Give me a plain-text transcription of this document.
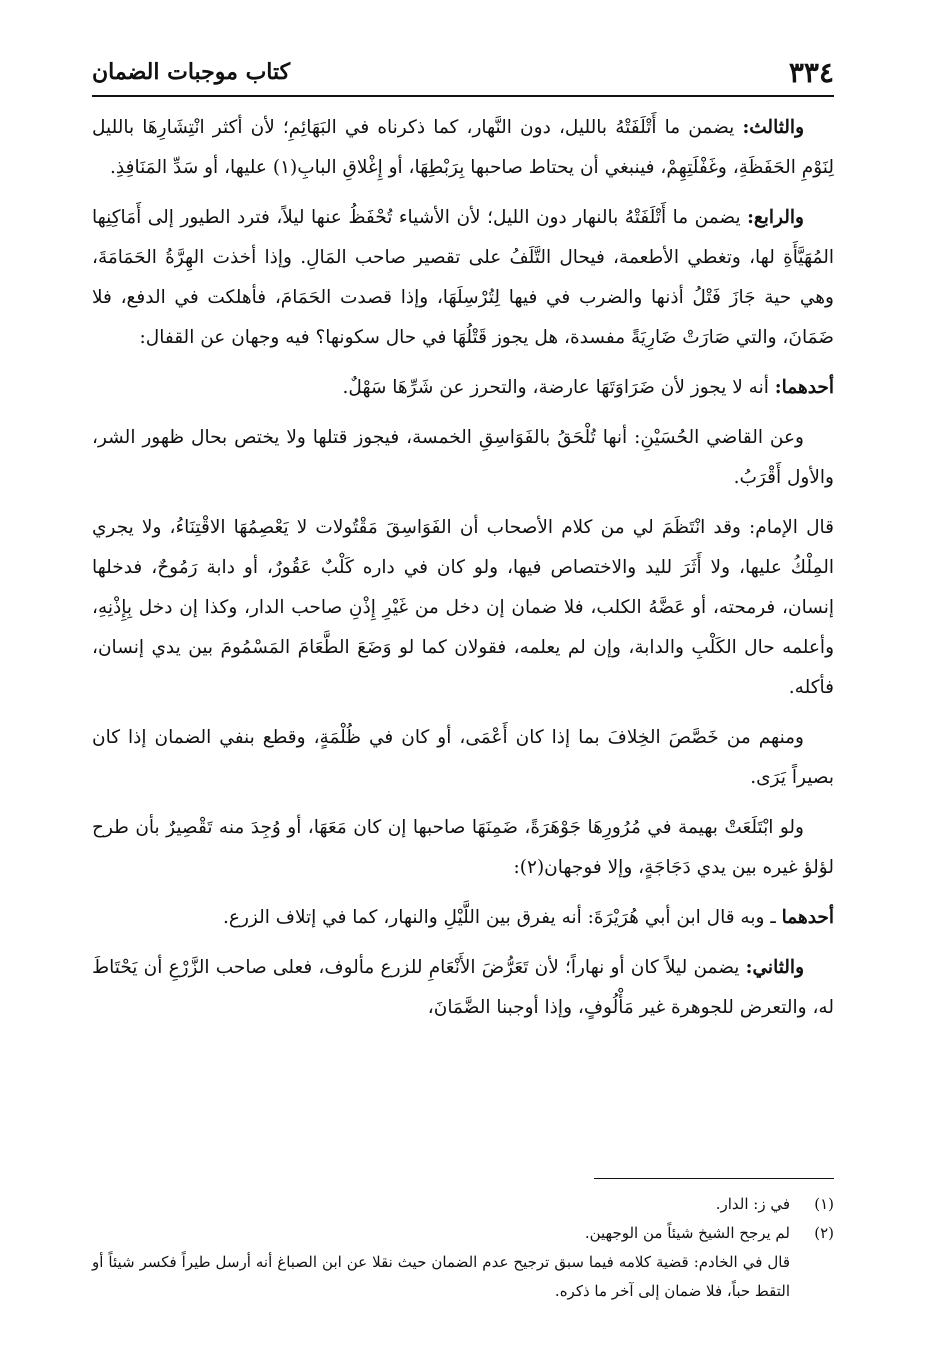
٣٣٤
كتاب موجبات الضمان

والثالث: يضمن ما أَتْلَفَتْهُ بالليل، دون النَّهار، كما ذكرناه في البَهَائِمِ؛ لأن أكثر انْتِشَارِهَا بالليل لِنَوْمِ الحَفَظَةِ، وغَفْلَتِهِمْ، فينبغي أن يحتاط صاحبها بِرَبْطِهَا، أو إِغْلاقِ البابِ(١) عليها، أو سَدِّ المَنَافِذِ.

والرابع: يضمن ما أَتْلَفَتْهُ بالنهار دون الليل؛ لأن الأشياء تُحْفَظُ عنها ليلاً، فترد الطيور إلى أَمَاكِنِها المُهَيَّأَةِ لها، وتغطي الأطعمة، فيحال التَّلَفُ على تقصير صاحب المَالِ. وإذا أخذت الهِرَّةُ الحَمَامَةَ، وهي حية جَازَ فَتْلُ أذنها والضرب في فيها لِتُرْسِلَهَا، وإذا قصدت الحَمَامَ، فأهلكت في الدفع، فلا ضَمَانَ، والتي صَارَتْ ضَارِيَةً مفسدة، هل يجوز قَتْلُهَا في حال سكونها؟ فيه وجهان عن القفال:

أحدهما: أنه لا يجوز لأن ضَرَاوَتَهَا عارضة، والتحرز عن شَرِّهَا سَهْلٌ.

وعن القاضي الحُسَيْنِ: أنها تُلْحَقُ بالفَوَاسِقِ الخمسة، فيجوز قتلها ولا يختص بحال ظهور الشر، والأول أَقْرَبُ.

قال الإمام: وقد انْتَظَمَ لي من كلام الأصحاب أن الفَوَاسِقَ مَقْتُولات لا يَعْصِمُهَا الاقْتِنَاءُ، ولا يجري المِلْكُ عليها، ولا أَثَرَ لليد والاختصاص فيها، ولو كان في داره كَلْبٌ عَقُورٌ، أو دابة رَمُوحٌ، فدخلها إنسان، فرمحته، أو عَضَّهُ الكلب، فلا ضمان إن دخل من غَيْرِ إِذْنِ صاحب الدار، وكذا إن دخل بِإِذْنِهِ، وأعلمه حال الكَلْبِ والدابة، وإن لم يعلمه، فقولان كما لو وَضَعَ الطَّعَامَ المَسْمُومَ بين يدي إنسان، فأكله.

ومنهم من خَصَّصَ الخِلافَ بما إذا كان أَعْمَى، أو كان في ظُلْمَةٍ، وقطع بنفي الضمان إذا كان بصيراً يَرَى.

ولو ابْتَلَعَتْ بهيمة في مُرُورِهَا جَوْهَرَةً، ضَمِنَهَا صاحبها إن كان مَعَهَا، أو وُجِدَ منه تَقْصِيرٌ بأن طرح لؤلؤ غيره بين يدي دَجَاجَةٍ، وإلا فوجهان(٢):

أحدهما ـ وبه قال ابن أبي هُرَيْرَةَ: أنه يفرق بين اللَّيْلِ والنهار، كما في إتلاف الزرع.

والثاني: يضمن ليلاً كان أو نهاراً؛ لأن تَعَرُّضَ الأَنْعَامِ للزرع مألوف، فعلى صاحب الزَّرْعِ أن يَحْتَاطَ له، والتعرض للجوهرة غير مَأْلُوفٍ، وإذا أوجبنا الضَّمَانَ،

(١)
في ز: الدار.
(٢)
لم يرجح الشيخ شيئاً من الوجهين.
قال في الخادم: قضية كلامه فيما سبق ترجيح عدم الضمان حيث نقلا عن ابن الصباغ أنه أرسل طيراً فكسر شيئاً أو التقط حباً، فلا ضمان إلى آخر ما ذكره.
